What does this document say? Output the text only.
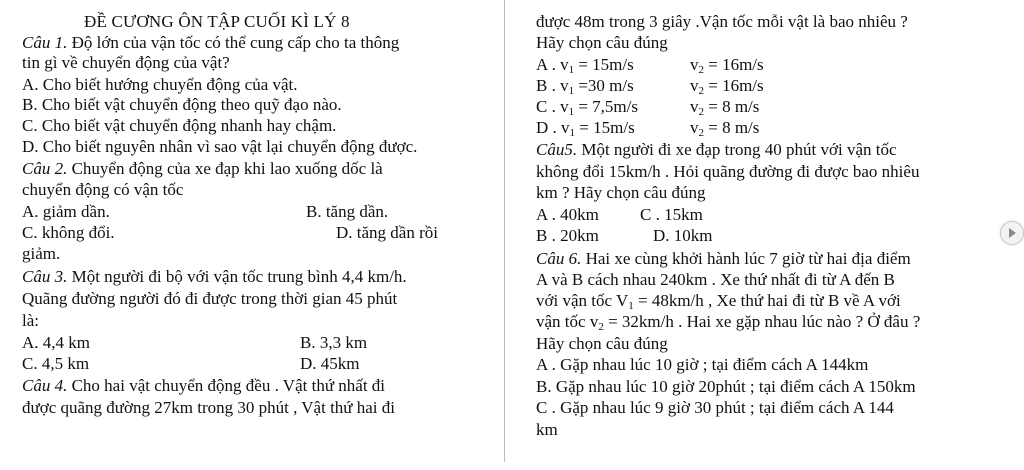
ĐỀ CƯƠNG ÔN TẬP CUỐI KÌ LÝ 8
Câu 1. Độ lớn của vận tốc có thể cung cấp cho ta thông
tin gì về chuyển động của vật?
A. Cho biết hướng chuyển động của vật.
B. Cho biết vật chuyển động theo quỹ đạo nào.
C. Cho biết vật chuyển động nhanh hay chậm.
D. Cho biết nguyên nhân vì sao vật lại chuyển động được.
Câu 2. Chuyển động của xe đạp khi lao xuống dốc là
chuyển động có vận tốc
A. giảm dần.	B. tăng dần.
C. không đổi.	D. tăng dần rồi
giảm.
Câu 3. Một người đi bộ với vận tốc trung bình 4,4 km/h.
Quãng đường người đó đi được trong thời gian 45 phút
là:
A. 4,4 km	B. 3,3 km
C. 4,5 km	D. 45km
Câu 4. Cho hai vật chuyển động đều . Vật thứ nhất đi
được quãng đường 27km trong 30 phút , Vật thứ hai đi
được 48m trong 3 giây .Vận tốc mỗi vật là bao nhiêu ?
Hãy chọn câu đúng
A . $v_1 = 15m/s$	$v_2 = 16m/s$
B . $v_1 =30$ m/s	$v_2 = 16m/s$
C . $v_1 = 7,5m/s$	$v_2 = 8$ m/s
D . $v_1 = 15m/s$	$v_2 = 8$ m/s
Câu5. Một người đi xe đạp trong 40 phút với vận tốc
không đổi 15km/h . Hỏi quãng đường đi được bao nhiêu
km ? Hãy chọn câu đúng
A . 40km C . 15km
B . 20km	D. 10km
Câu 6. Hai xe cùng khởi hành lúc 7 giờ từ hai địa điểm
A và B cách nhau 240km . Xe thứ nhất đi từ A đến B
với vận tốc $V_1 = 48km/h$ , Xe thứ hai đi từ B về A với
vận tốc $v_2 = 32km/h$ . Hai xe gặp nhau lúc nào ? Ở đâu ?
Hãy chọn câu đúng
A . Gặp nhau lúc 10 giờ ; tại điểm cách A 144km
B. Gặp nhau lúc 10 giờ 20phút ; tại điểm cách A 150km
C . Gặp nhau lúc 9 giờ 30 phút ; tại điểm cách A 144
km
